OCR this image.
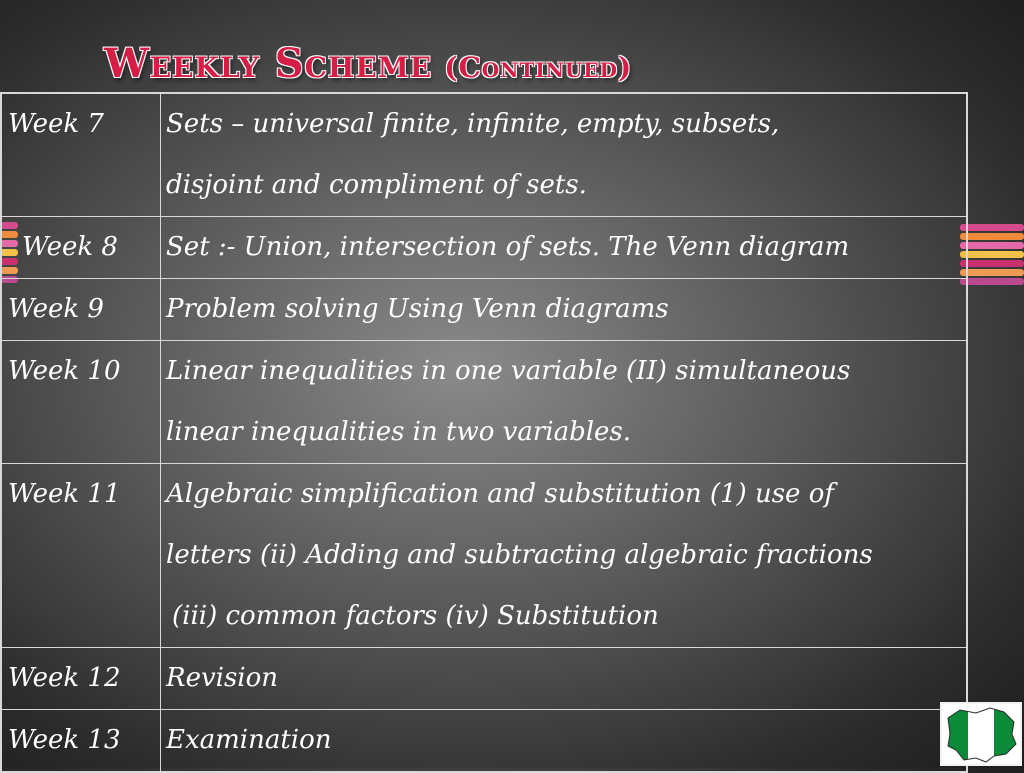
Weekly Scheme (Continued)
Week 7	Sets – universal finite, infinite, empty, subsets,
disjoint and compliment of sets.
Week 8	Set :- Union, intersection of sets. The Venn diagram
Week 9	Problem solving Using Venn diagrams
Week 10	Linear inequalities in one variable (II) simultaneous
linear inequalities in two variables.
Week 11	Algebraic simplification and substitution (1) use of
letters (ii) Adding and subtracting algebraic fractions
(iii) common factors (iv) Substitution
Week 12	Revision
Week 13	Examination
